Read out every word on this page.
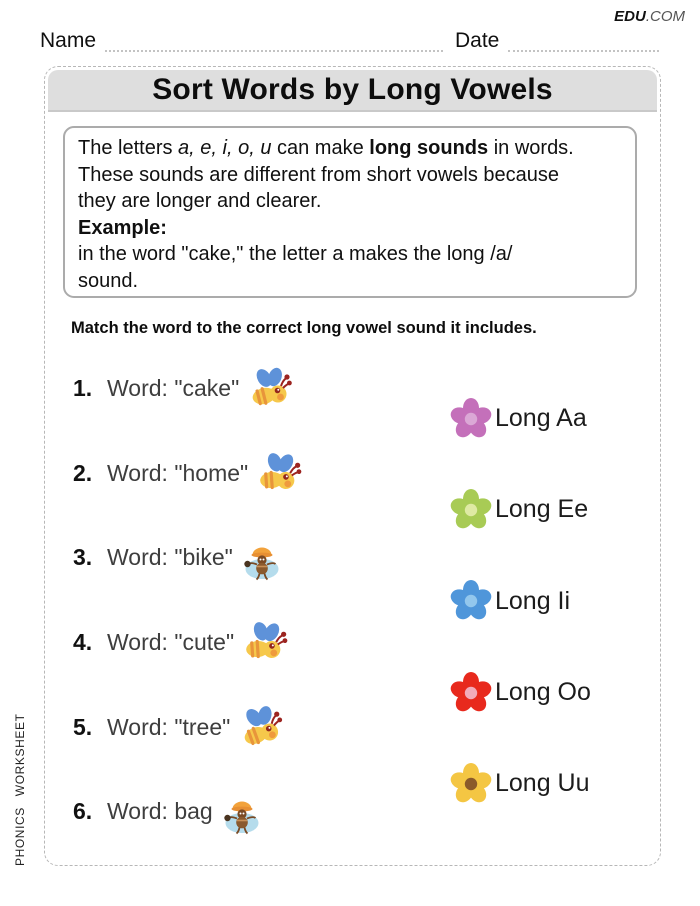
EDU.COM
Name	Date
Sort Words by Long Vowels
The letters a, e, i, o, u can make long sounds in words.
These sounds are different from short vowels because
they are longer and clearer.
Example:
in the word "cake," the letter a makes the long /a/
sound.
Match the word to the correct long vowel sound it includes.
1. Word: "cake"
2. Word: "home"
3. Word: "bike"
4. Word: "cute"
5. Word: "tree"
6. Word: bag
Long Aa
Long Ee
Long Ii
Long Oo
Long Uu
PHONICS WORKSHEET
